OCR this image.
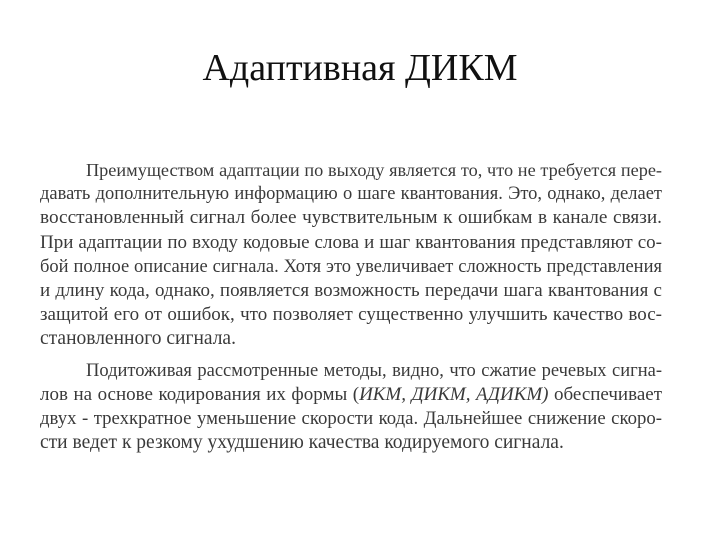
Адаптивная ДИКМ
Преимуществом адаптации по выходу является то, что не требуется пере-
давать дополнительную информацию о шаге квантования. Это, однако, делает
восстановленный сигнал более чувствительным к ошибкам в канале связи.
При адаптации по входу кодовые слова и шаг квантования представляют со-
бой полное описание сигнала. Хотя это увеличивает сложность представления
и длину кода, однако, появляется возможность передачи шага квантования с
защитой его от ошибок, что позволяет существенно улучшить качество вос-
становленного сигнала.
Подитоживая рассмотренные методы, видно, что сжатие речевых сигна-
лов на основе кодирования их формы (ИКМ, ДИКМ, АДИКМ) обеспечивает
двух - трехкратное уменьшение скорости кода. Дальнейшее снижение скоро-
сти ведет к резкому ухудшению качества кодируемого сигнала.
